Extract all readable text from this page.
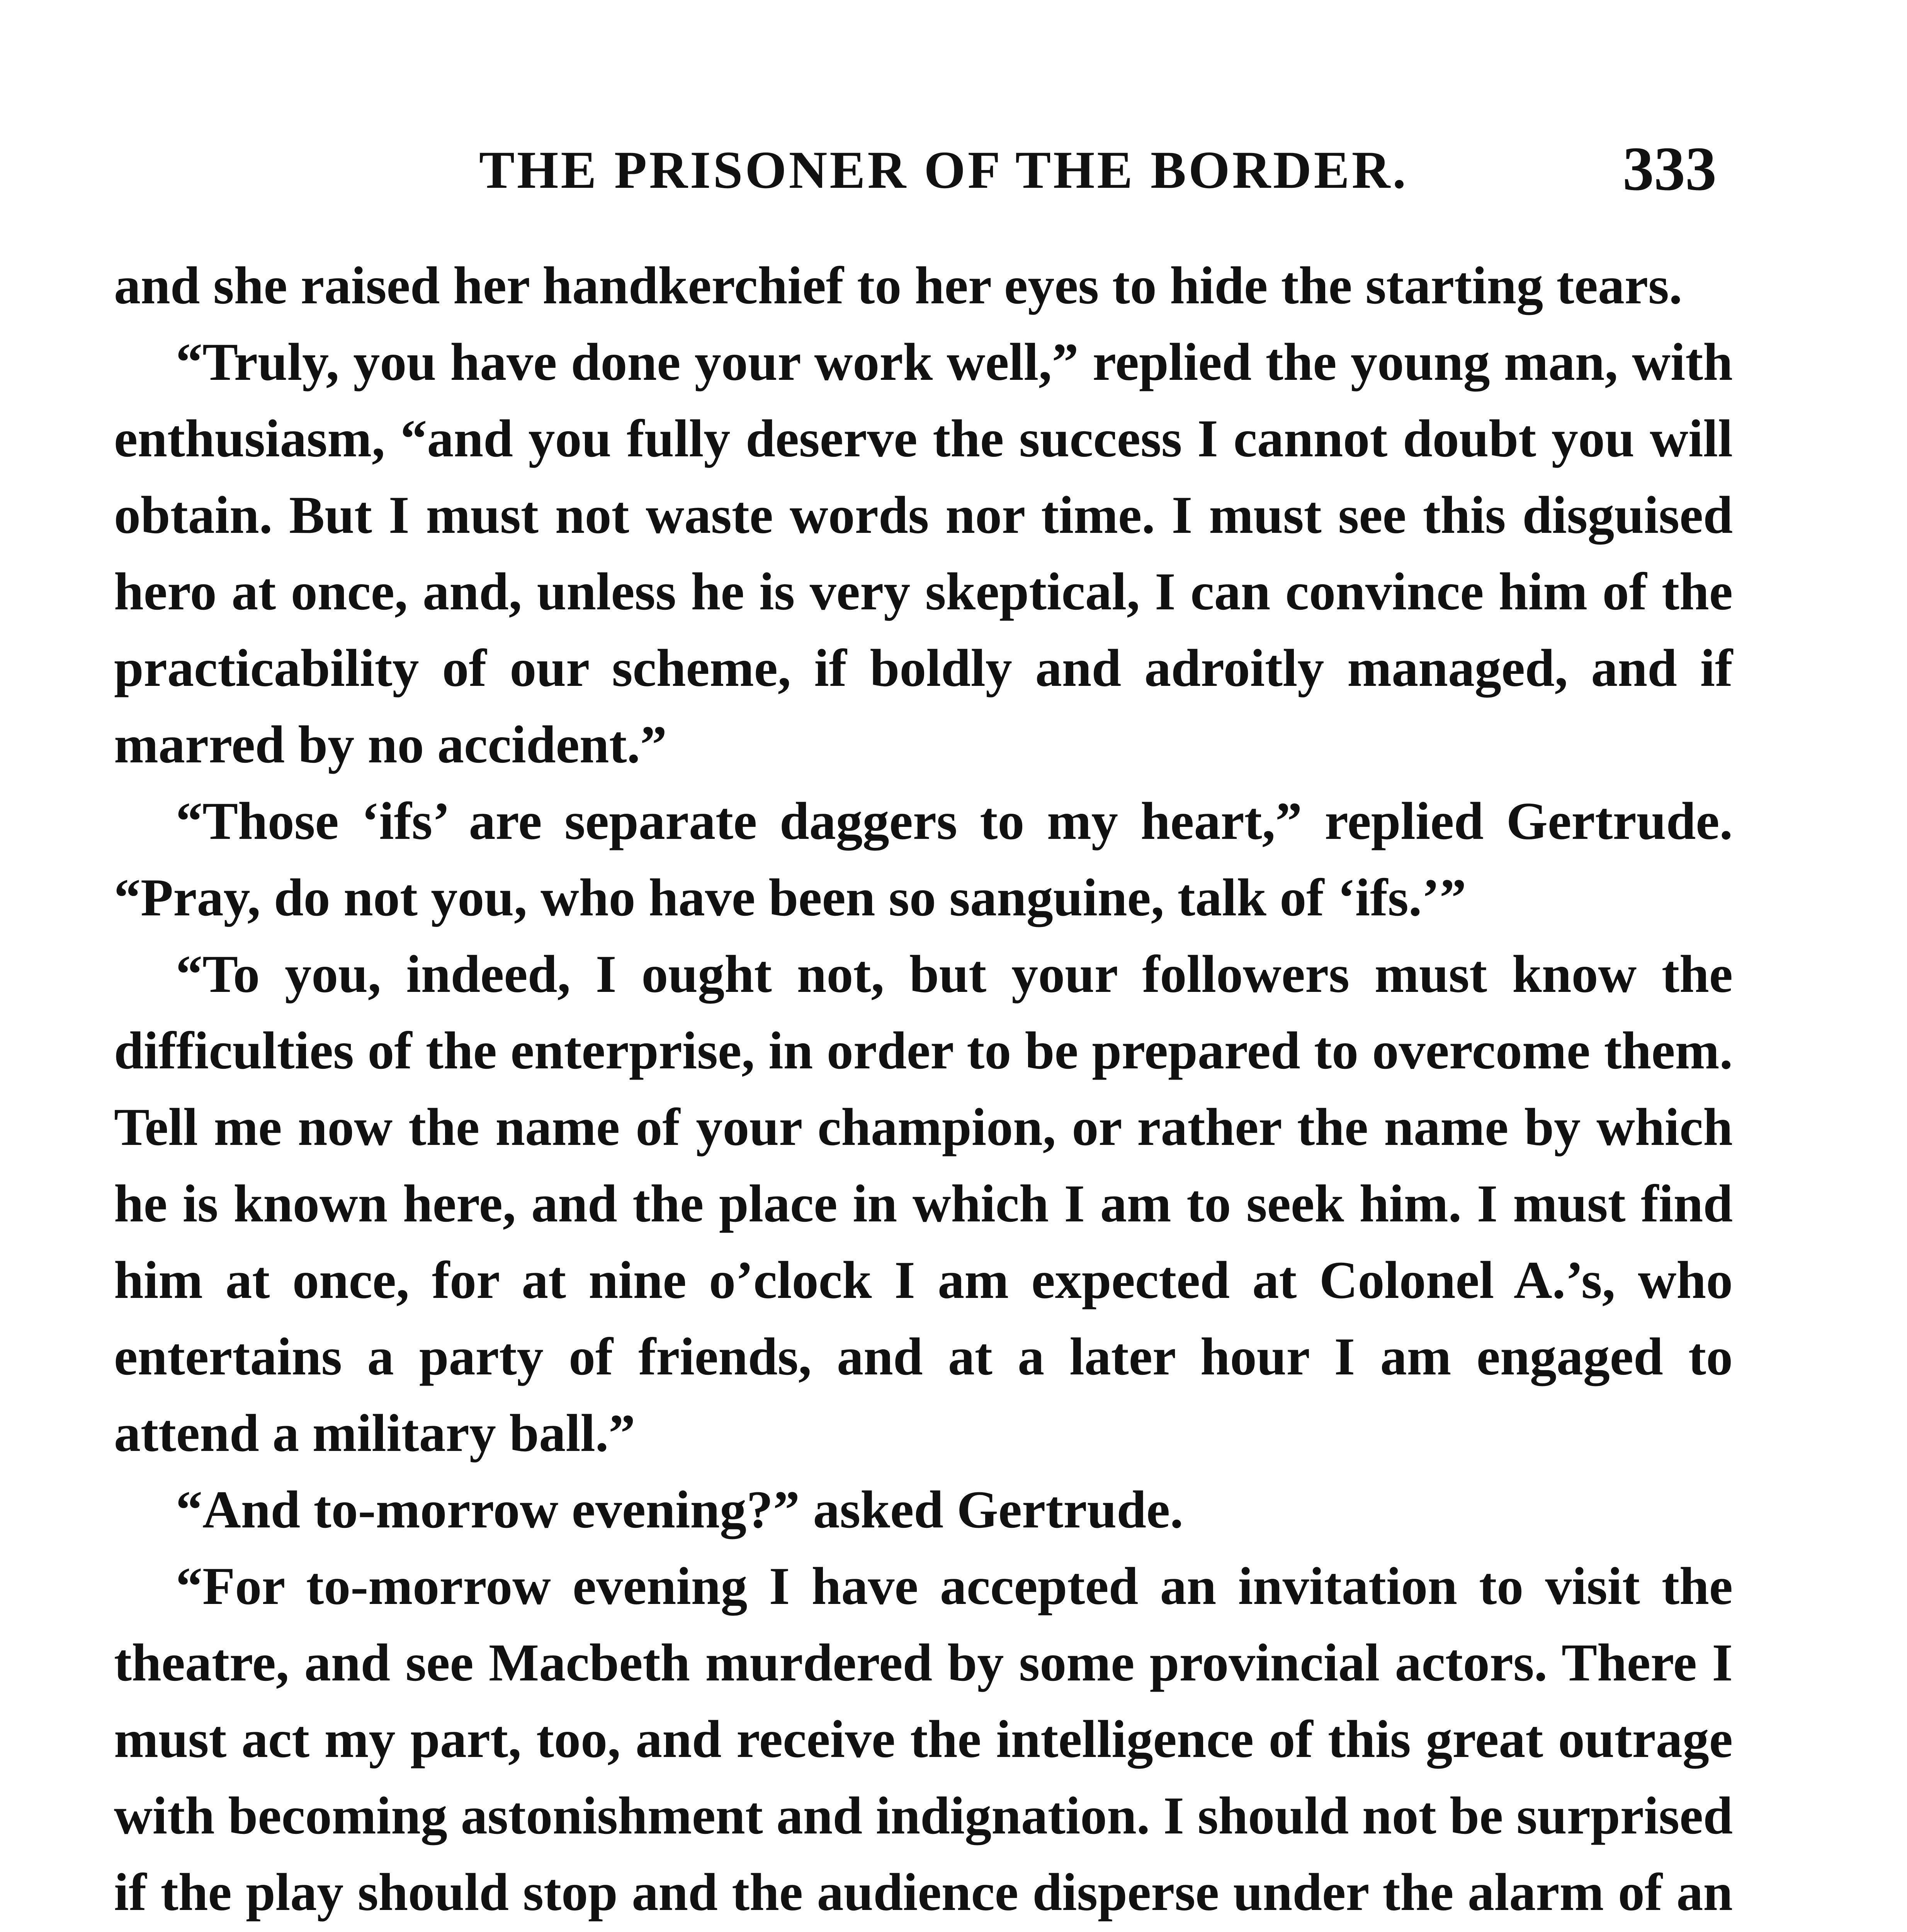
THE PRISONER OF THE BORDER.	333

and she raised her handkerchief to her eyes to hide the starting tears.

“Truly, you have done your work well,” replied the young man, with enthusiasm, “and you fully deserve the success I cannot doubt you will obtain. But I must not waste words nor time. I must see this disguised hero at once, and, unless he is very skeptical, I can convince him of the practicability of our scheme, if boldly and adroitly managed, and if marred by no accident.”

“Those ‘ifs’ are separate daggers to my heart,” replied Gertrude. “Pray, do not you, who have been so sanguine, talk of ‘ifs.’”

“To you, indeed, I ought not, but your followers must know the difficulties of the enterprise, in order to be prepared to overcome them. Tell me now the name of your champion, or rather the name by which he is known here, and the place in which I am to seek him. I must find him at once, for at nine o’clock I am expected at Colonel A.’s, who entertains a party of friends, and at a later hour I am engaged to attend a military ball.”

“And to-morrow evening?” asked Gertrude.

“For to-morrow evening I have accepted an invitation to visit the theatre, and see Macbeth murdered by some provincial actors. There I must act my part, too, and receive the intelligence of this great outrage with becoming astonishment and indignation. I should not be surprised if the play should stop and the audience disperse under the alarm of an
